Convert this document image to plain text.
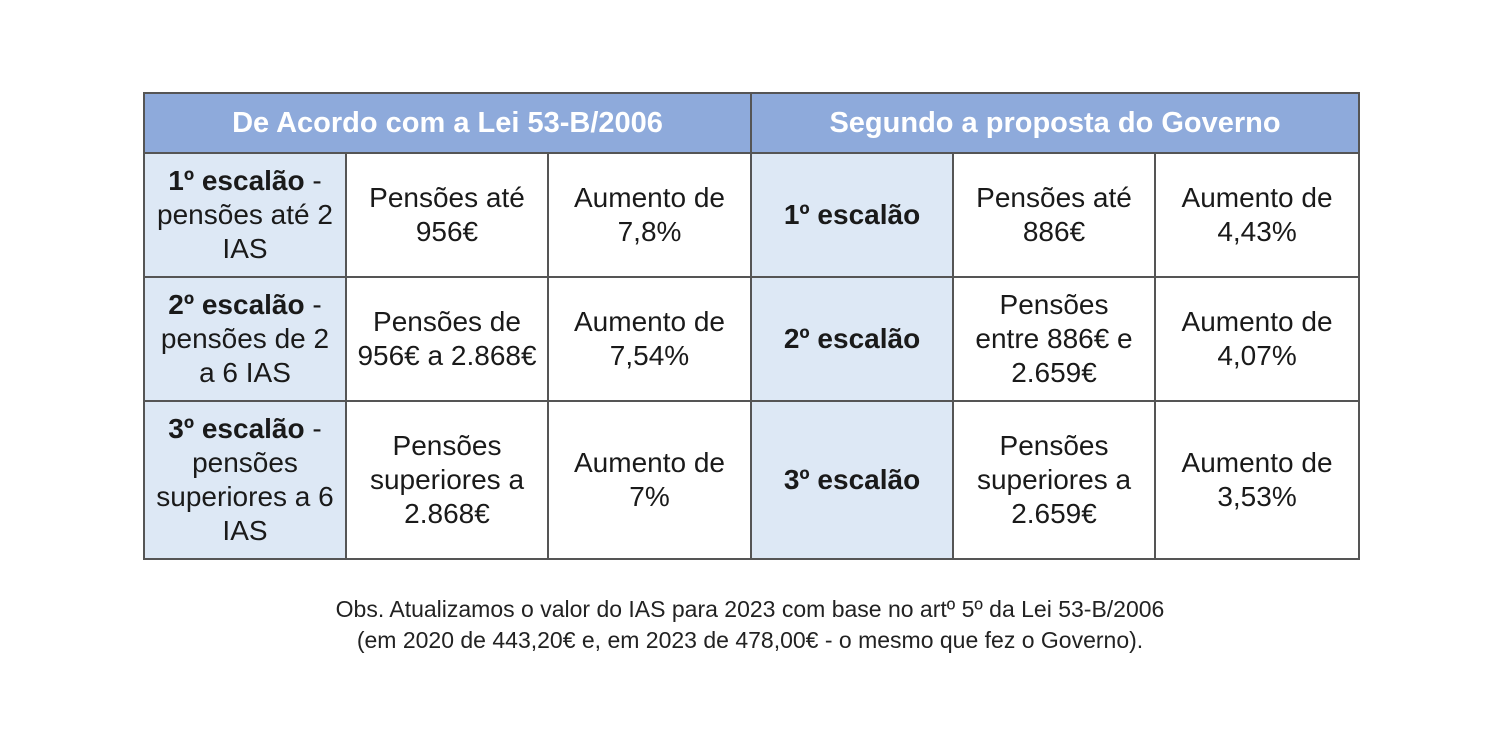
De Acordo com a Lei 53-B/2006			Segundo a proposta do Governo		
1º escalão - pensões até 2 IAS	Pensões até 956€	Aumento de 7,8%	1º escalão	Pensões até 886€	Aumento de 4,43%
2º escalão - pensões de 2 a 6 IAS	Pensões de 956€ a 2.868€	Aumento de 7,54%	2º escalão	Pensões entre 886€ e 2.659€	Aumento de 4,07%
3º escalão - pensões superiores a 6 IAS	Pensões superiores a 2.868€	Aumento de 7%	3º escalão	Pensões superiores a 2.659€	Aumento de 3,53%
Obs. Atualizamos o valor do IAS para 2023 com base no artº 5º da Lei 53-B/2006
(em 2020 de 443,20€ e, em 2023 de 478,00€ - o mesmo que fez o Governo).
